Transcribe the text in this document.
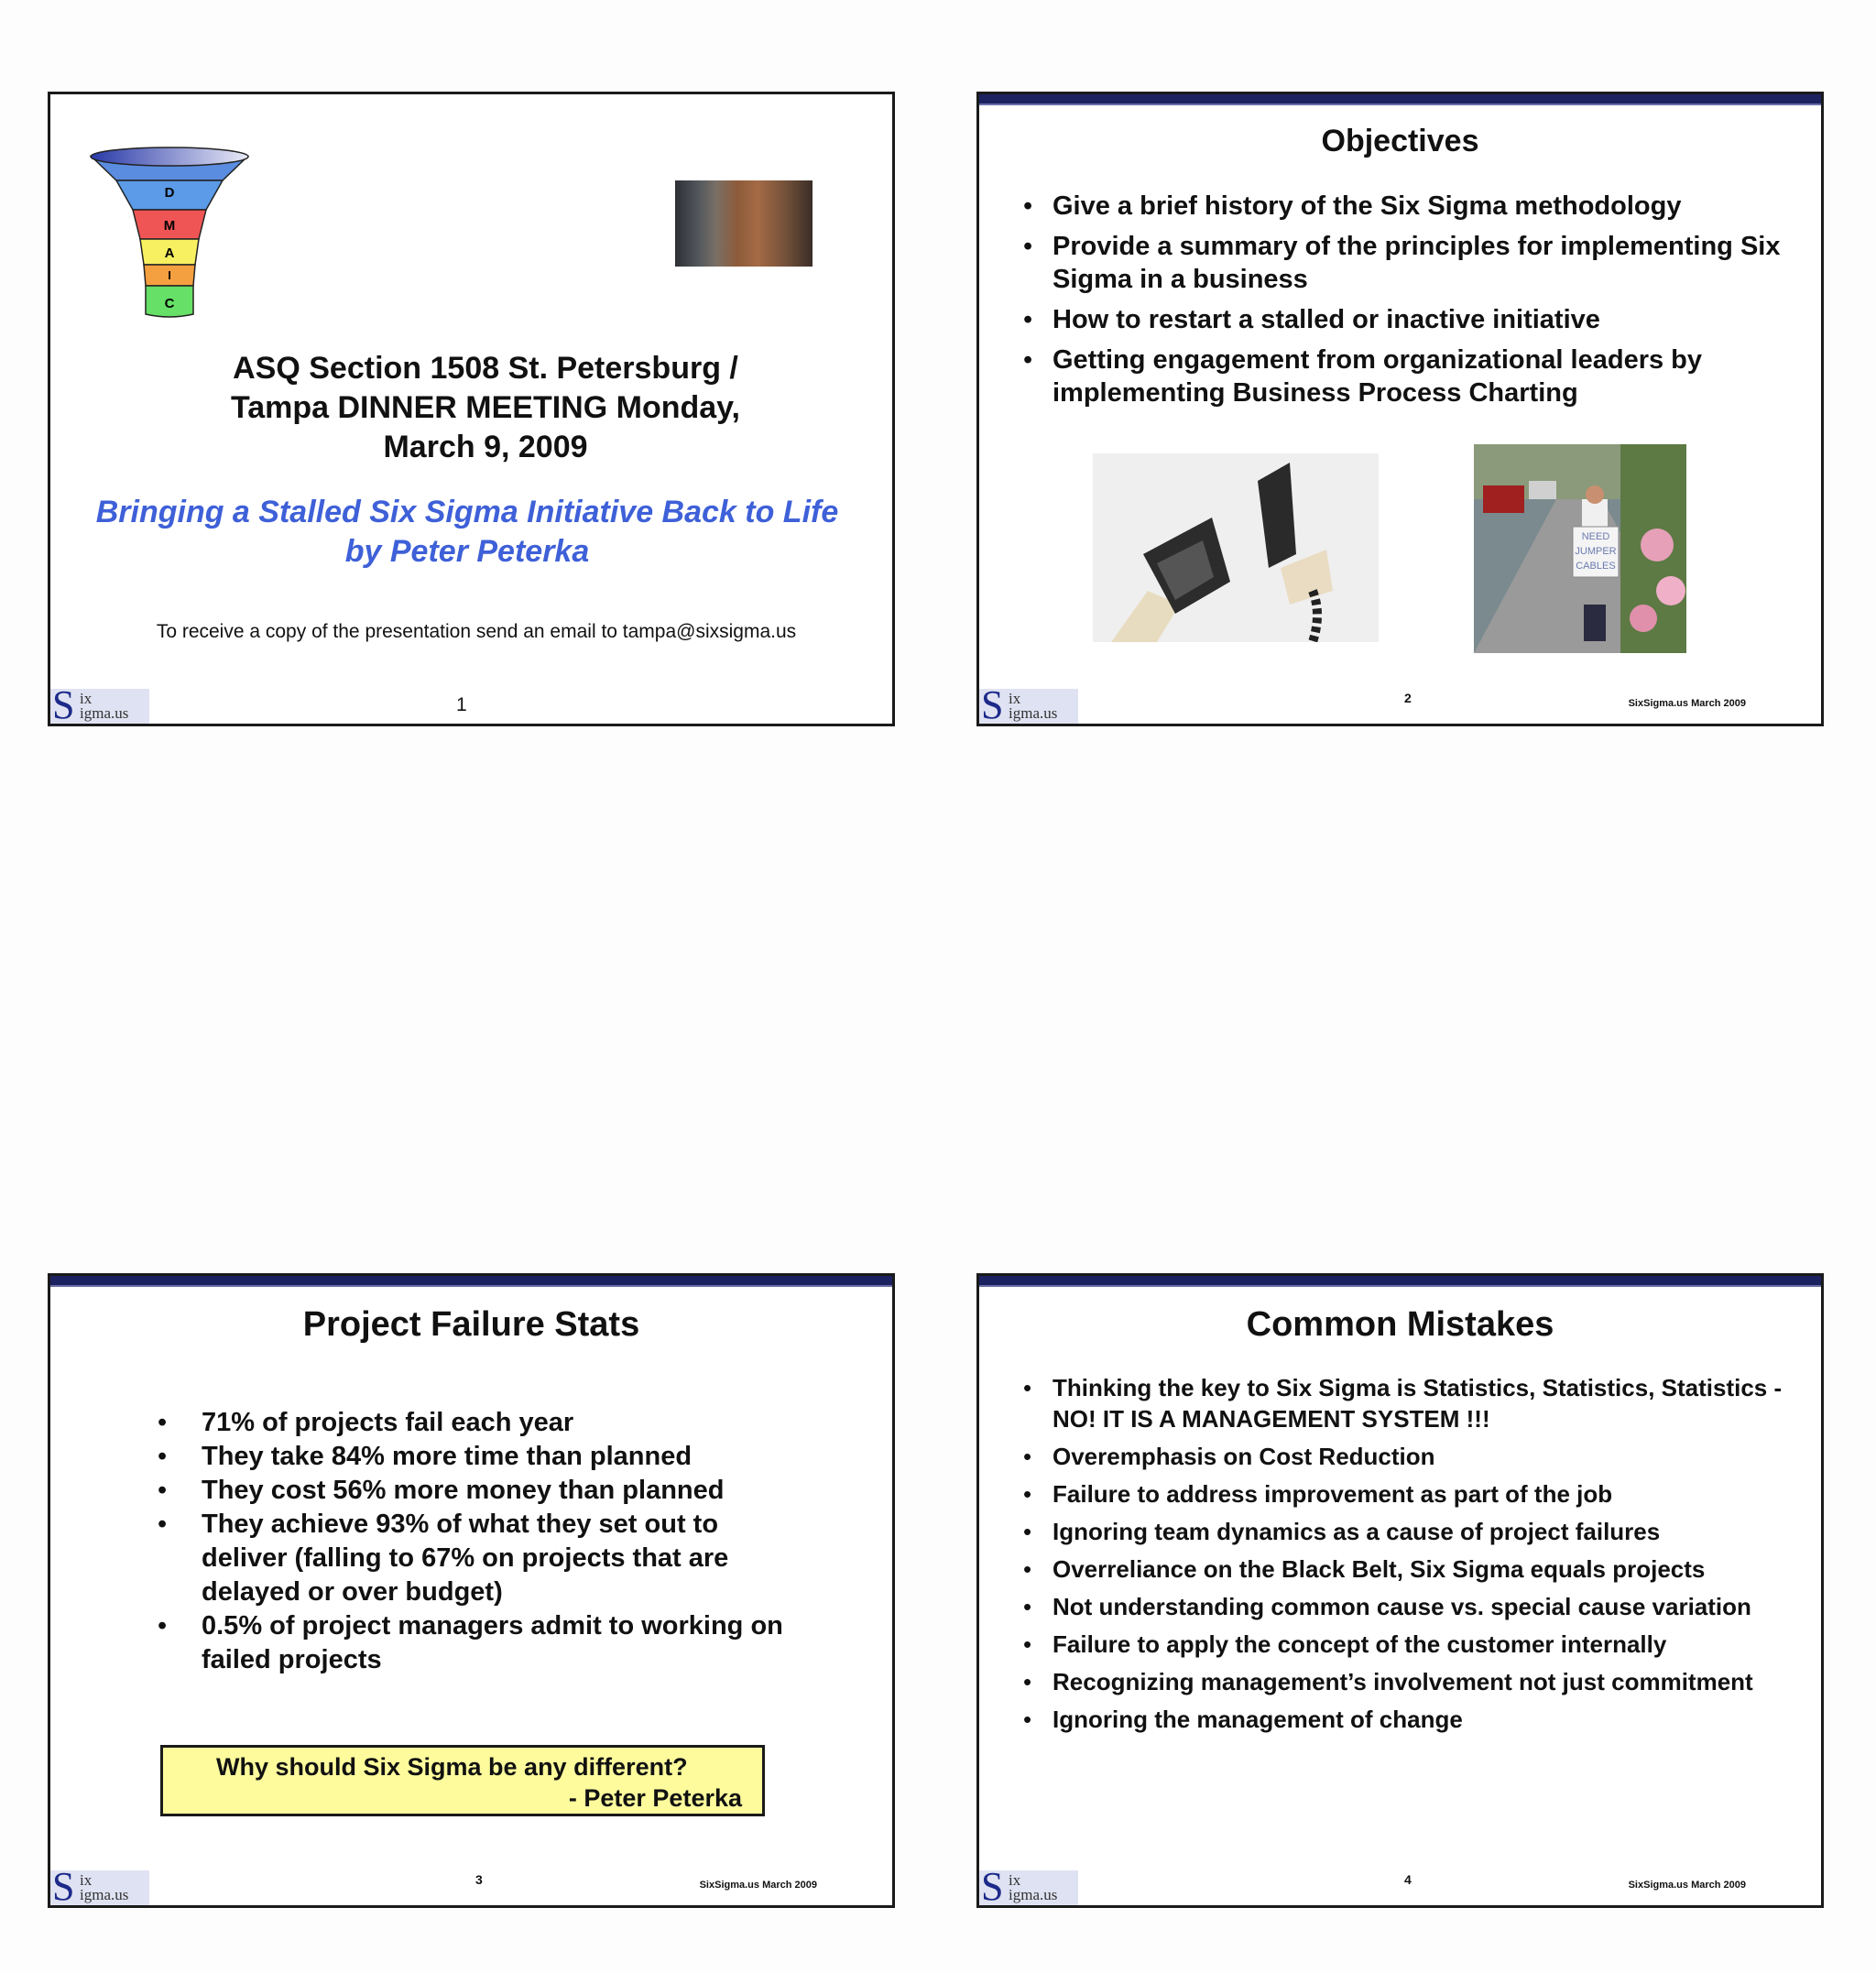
D
M
A
I
C
ASQ Section 1508 St. Petersburg /
Tampa DINNER MEETING Monday,
March 9, 2009
Bringing a Stalled Six Sigma Initiative Back to Life
by Peter Peterka
To receive a copy of the presentation send an email to tampa@sixsigma.us
S ix
igma.us	1
Objectives
• Give a brief history of the Six Sigma methodology
• Provide a summary of the principles for implementing Six Sigma in a business
• How to restart a stalled or inactive initiative
• Getting engagement from organizational leaders by implementing Business Process Charting
NEED
JUMPER
CABLES
S ix
igma.us
2	SixSigma.us March 2009
Project Failure Stats
• 71% of projects fail each year
• They take 84% more time than planned
• They cost 56% more money than planned
• They achieve 93% of what they set out to deliver (falling to 67% on projects that are delayed or over budget)
• 0.5% of project managers admit to working on failed projects
Why should Six Sigma be any different?
- Peter Peterka
S ix
igma.us
3	SixSigma.us March 2009
Common Mistakes
• Thinking the key to Six Sigma is Statistics, Statistics, Statistics - NO! IT IS A MANAGEMENT SYSTEM !!!
• Overemphasis on Cost Reduction
• Failure to address improvement as part of the job
• Ignoring team dynamics as a cause of project failures
• Overreliance on the Black Belt, Six Sigma equals projects
• Not understanding common cause vs. special cause variation
• Failure to apply the concept of the customer internally
• Recognizing management’s involvement not just commitment
• Ignoring the management of change
S ix
igma.us
4	SixSigma.us March 2009
